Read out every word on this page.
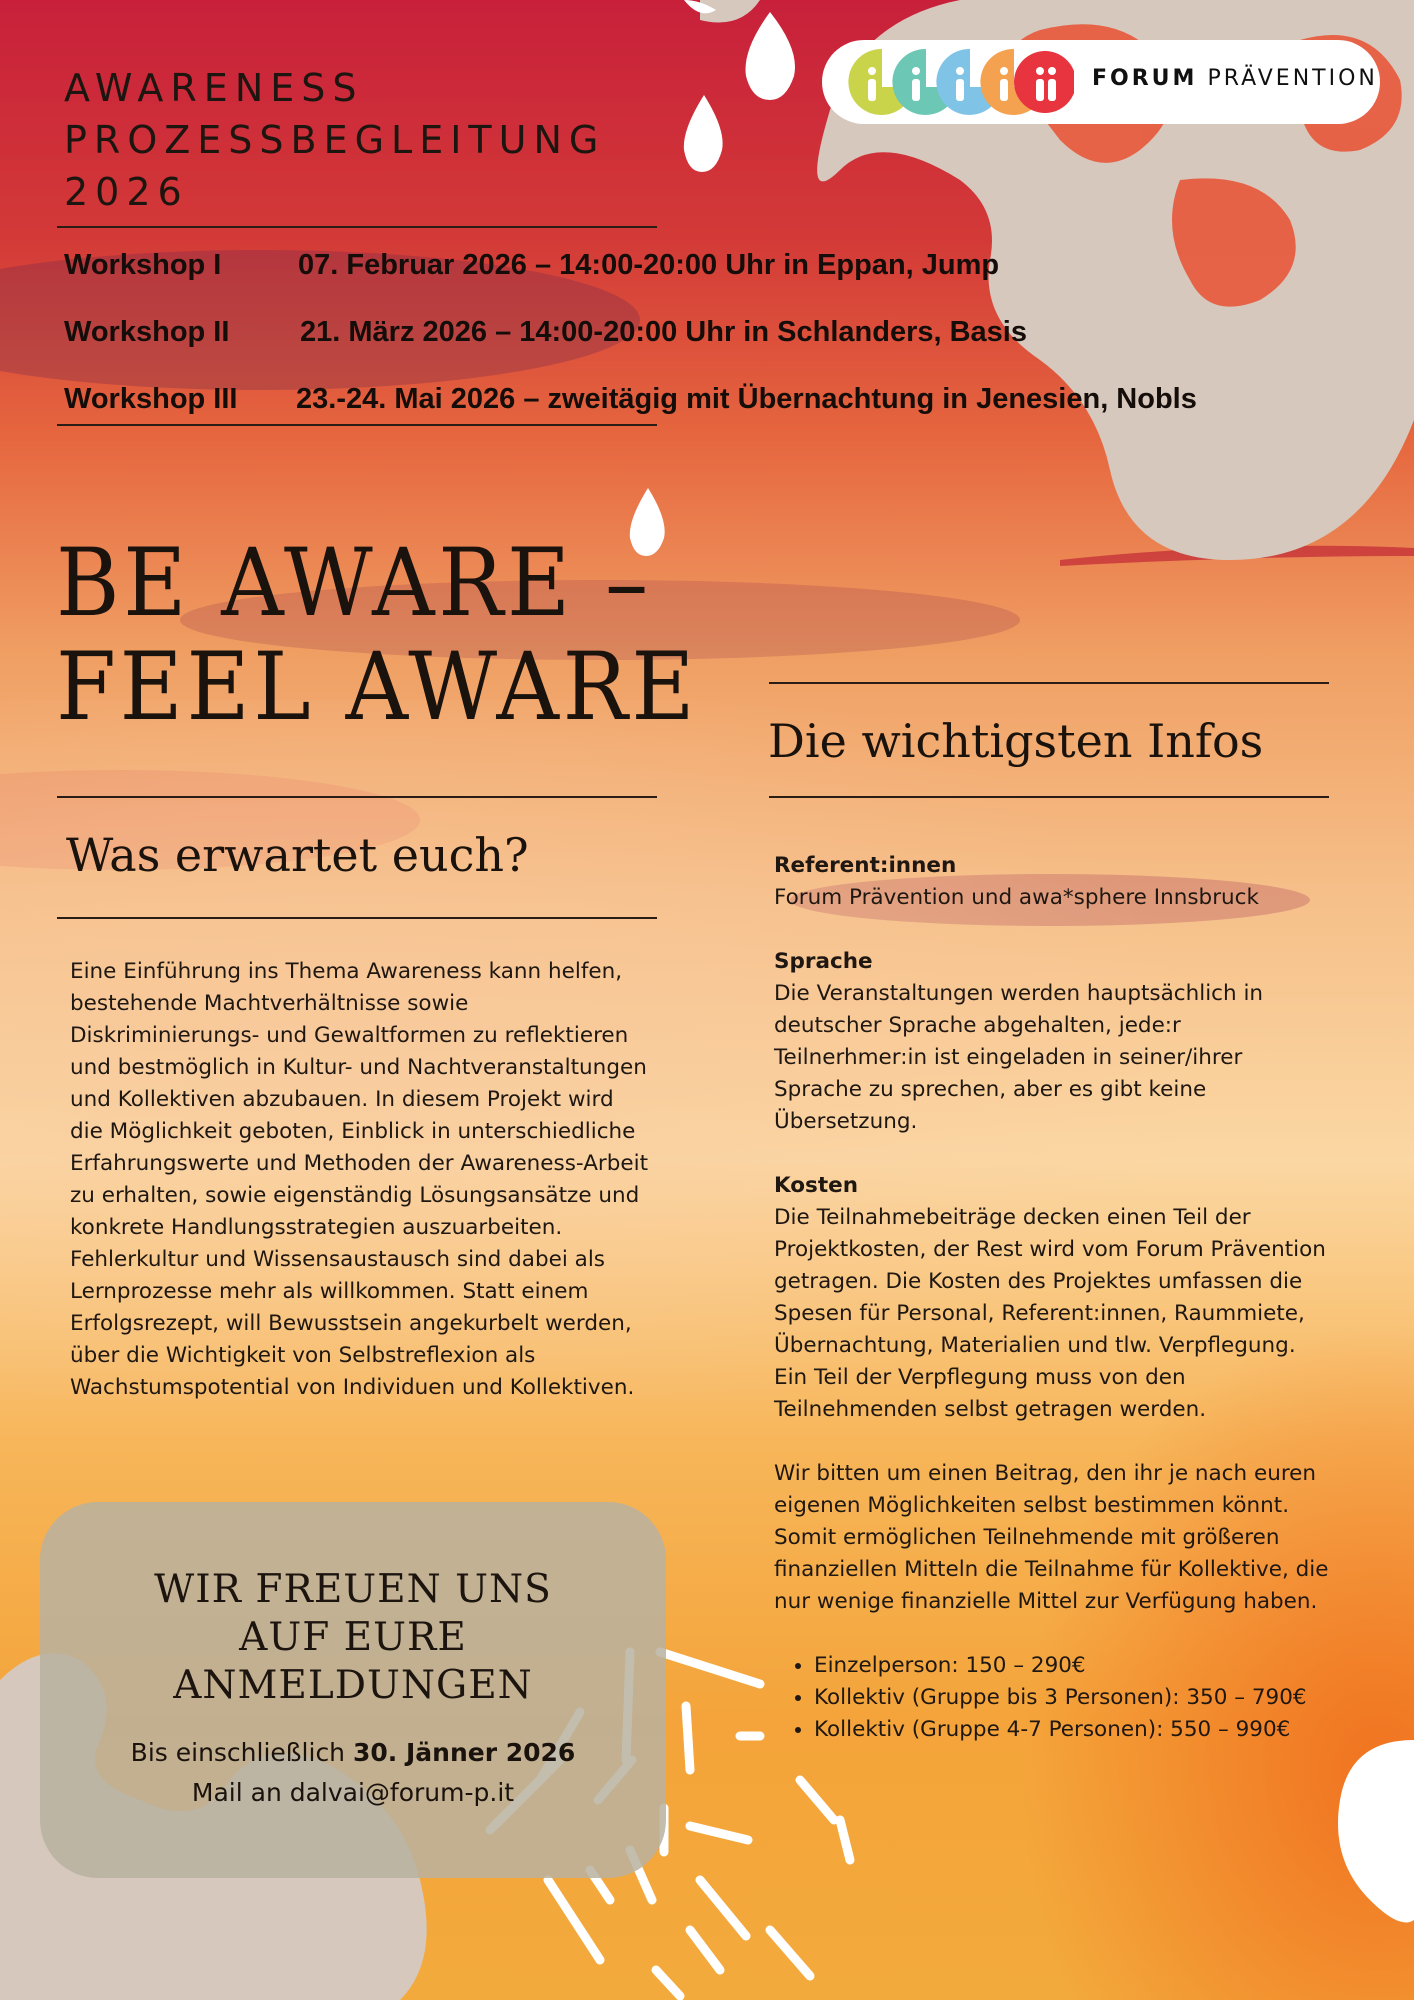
FORUM PRÄVENTION
AWARENESS
PROZESSBEGLEITUNG
2026
Workshop I	07. Februar 2026 – 14:00-20:00 Uhr in Eppan, Jump
Workshop II 21. März 2026 – 14:00-20:00 Uhr in Schlanders, Basis
Workshop III 23.-24. Mai 2026 – zweitägig mit Übernachtung in Jenesien, Nobls
BE AWARE –
FEEL AWARE
Was erwartet euch?
Eine Einführung ins Thema Awareness kann helfen, bestehende Machtverhältnisse sowie Diskriminierungs- und Gewaltformen zu reflektieren und bestmöglich in Kultur- und Nachtveranstaltungen und Kollektiven abzubauen. In diesem Projekt wird die Möglichkeit geboten, Einblick in unterschiedliche Erfahrungswerte und Methoden der Awareness-Arbeit zu erhalten, sowie eigenständig Lösungsansätze und konkrete Handlungsstrategien auszuarbeiten. Fehlerkultur und Wissensaustausch sind dabei als Lernprozesse mehr als willkommen. Statt einem Erfolgsrezept, will Bewusstsein angekurbelt werden, über die Wichtigkeit von Selbstreflexion als Wachstumspotential von Individuen und Kollektiven.
Die wichtigsten Infos
Referent:innen
Forum Prävention und awa*sphere Innsbruck
Sprache
Die Veranstaltungen werden hauptsächlich in deutscher Sprache abgehalten, jede:r Teilnerhmer:in ist eingeladen in seiner/ihrer Sprache zu sprechen, aber es gibt keine Übersetzung.
Kosten
Die Teilnahmebeiträge decken einen Teil der Projektkosten, der Rest wird vom Forum Prävention getragen. Die Kosten des Projektes umfassen die Spesen für Personal, Referent:innen, Raummiete, Übernachtung, Materialien und tlw. Verpflegung. Ein Teil der Verpflegung muss von den Teilnehmenden selbst getragen werden.
Wir bitten um einen Beitrag, den ihr je nach euren eigenen Möglichkeiten selbst bestimmen könnt. Somit ermöglichen Teilnehmende mit größeren finanziellen Mitteln die Teilnahme für Kollektive, die nur wenige finanzielle Mittel zur Verfügung haben.
• Einzelperson: 150 – 290€
• Kollektiv (Gruppe bis 3 Personen): 350 – 790€
• Kollektiv (Gruppe 4-7 Personen): 550 – 990€
WIR FREUEN UNS
AUF EURE
ANMELDUNGEN
Bis einschließlich 30. Jänner 2026
Mail an dalvai@forum-p.it
